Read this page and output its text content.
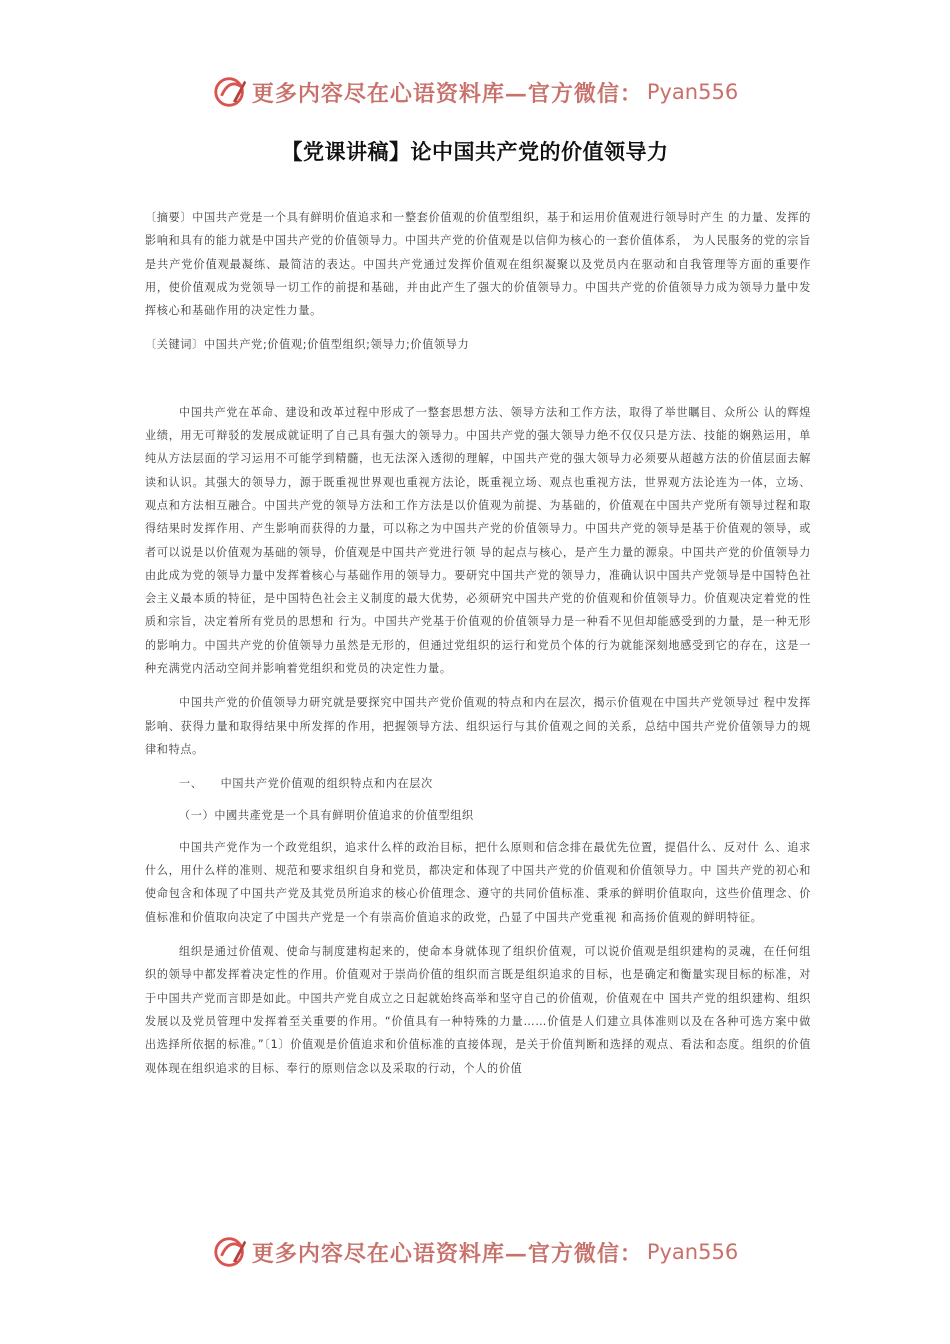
更多内容尽在心语资料库—官方微信： Pyan556
【党课讲稿】论中国共产党的价值领导力

〔摘要〕中国共产党是一个具有鲜明价值追求和一整套价值观的价值型组织，基于和运用价值观进行领导时产生 的力量、发挥的影响和具有的能力就是中国共产党的价值领导力。中国共产党的价值观是以信仰为核心的一套价值体系， 为人民服务的党的宗旨是共产党价值观最凝练、最简洁的表达。中国共产党通过发挥价值观在组织凝聚以及党员内在驱动和自我管理等方面的重要作用，使价值观成为党领导一切工作的前提和基础，并由此产生了强大的价值领导力。中国共产党的价值领导力成为领导力量中发挥核心和基础作用的决定性力量。

〔关键词〕中国共产党;价值观;价值型组织;领导力;价值领导力

中国共产党在革命、建设和改革过程中形成了一整套思想方法、领导方法和工作方法，取得了举世瞩目、众所公 认的辉煌业绩，用无可辩驳的发展成就证明了自己具有强大的领导力。中国共产党的强大领导力绝不仅仅只是方法、技能的娴熟运用，单纯从方法层面的学习运用不可能学到精髓，也无法深入透彻的理解，中国共产党的强大领导力必须要从超越方法的价值层面去解读和认识。其强大的领导力，源于既重视世界观也重视方法论，既重视立场、观点也重视方法，世界观方法论连为一体，立场、观点和方法相互融合。中国共产党的领导方法和工作方法是以价值观为前提、为基础的，价值观在中国共产党所有领导过程和取得结果时发挥作用、产生影响而获得的力量，可以称之为中国共产党的价值领导力。中国共产党的领导是基于价值观的领导，或者可以说是以价值观为基础的领导，价值观是中国共产党进行领 导的起点与核心，是产生力量的源泉。中国共产党的价值领导力由此成为党的领导力量中发挥着核心与基础作用的领导力。要研究中国共产党的领导力，准确认识中国共产党领导是中国特色社会主义最本质的特征，是中国特色社会主义制度的最大优势，必须研究中国共产党的价值观和价值领导力。价值观决定着党的性质和宗旨，决定着所有党员的思想和 行为。中国共产党基于价值观的价值领导力是一种看不见但却能感受到的力量，是一种无形的影响力。中国共产党的价值领导力虽然是无形的，但通过党组织的运行和党员个体的行为就能深刻地感受到它的存在，这是一种充满党内活动空间并影响着党组织和党员的决定性力量。

中国共产党的价值领导力研究就是要探究中国共产党价值观的特点和内在层次，揭示价值观在中国共产党领导过 程中发挥影响、获得力量和取得结果中所发挥的作用，把握领导方法、组织运行与其价值观之间的关系，总结中国共产党价值领导力的规律和特点。

一、 中国共产党价值观的组织特点和内在层次

（一）中國共產党是一个具有鲜明价值追求的价值型组织

中国共产党作为一个政党组织，追求什么样的政治目标，把什么原则和信念排在最优先位置，提倡什么、反对什 么、追求什么，用什么样的准则、规范和要求组织自身和党员，都决定和体现了中国共产党的价值观和价值领导力。中 国共产党的初心和使命包含和体现了中国共产党及其党员所追求的核心价值理念、遵守的共同价值标准、秉承的鲜明价值取向，这些价值理念、价值标准和价值取向决定了中国共产党是一个有崇高价值追求的政党，凸显了中国共产党重视 和高扬价值观的鲜明特征。

组织是通过价值观、使命与制度建构起来的，使命本身就体现了组织价值观，可以说价值观是组织建构的灵魂，在任何组织的领导中都发挥着决定性的作用。价值观对于崇尚价值的组织而言既是组织追求的目标，也是确定和衡量实现目标的标准，对于中国共产党而言即是如此。中国共产党自成立之日起就始终高举和坚守自己的价值观，价值观在中 国共产党的组织建构、组织发展以及党员管理中发挥着至关重要的作用。“价值具有一种特殊的力量……价值是人们建立具体准则以及在各种可选方案中做出选择所依据的标准。”〔1〕价值观是价值追求和价值标准的直接体现，是关于价值判断和选择的观点、看法和态度。组织的价值观体现在组织追求的目标、奉行的原则信念以及采取的行动，个人的价值

更多内容尽在心语资料库—官方微信： Pyan556
